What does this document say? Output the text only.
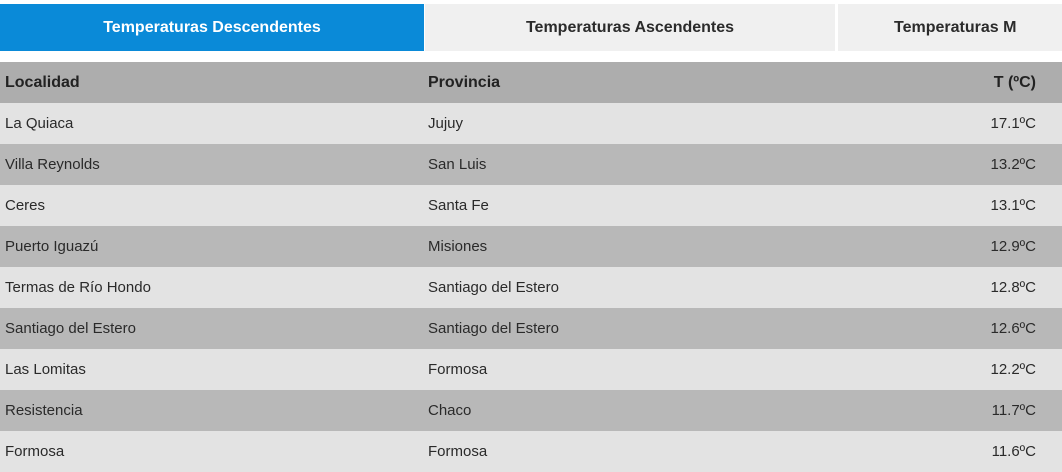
Temperaturas Descendentes	Temperaturas Ascendentes	Temperaturas M
Localidad	Provincia	T (ºC)
La Quiaca	Jujuy	17.1ºC
Villa Reynolds	San Luis	13.2ºC
Ceres	Santa Fe	13.1ºC
Puerto Iguazú	Misiones	12.9ºC
Termas de Río Hondo	Santiago del Estero	12.8ºC
Santiago del Estero	Santiago del Estero	12.6ºC
Las Lomitas	Formosa	12.2ºC
Resistencia	Chaco	11.7ºC
Formosa	Formosa	11.6ºC
